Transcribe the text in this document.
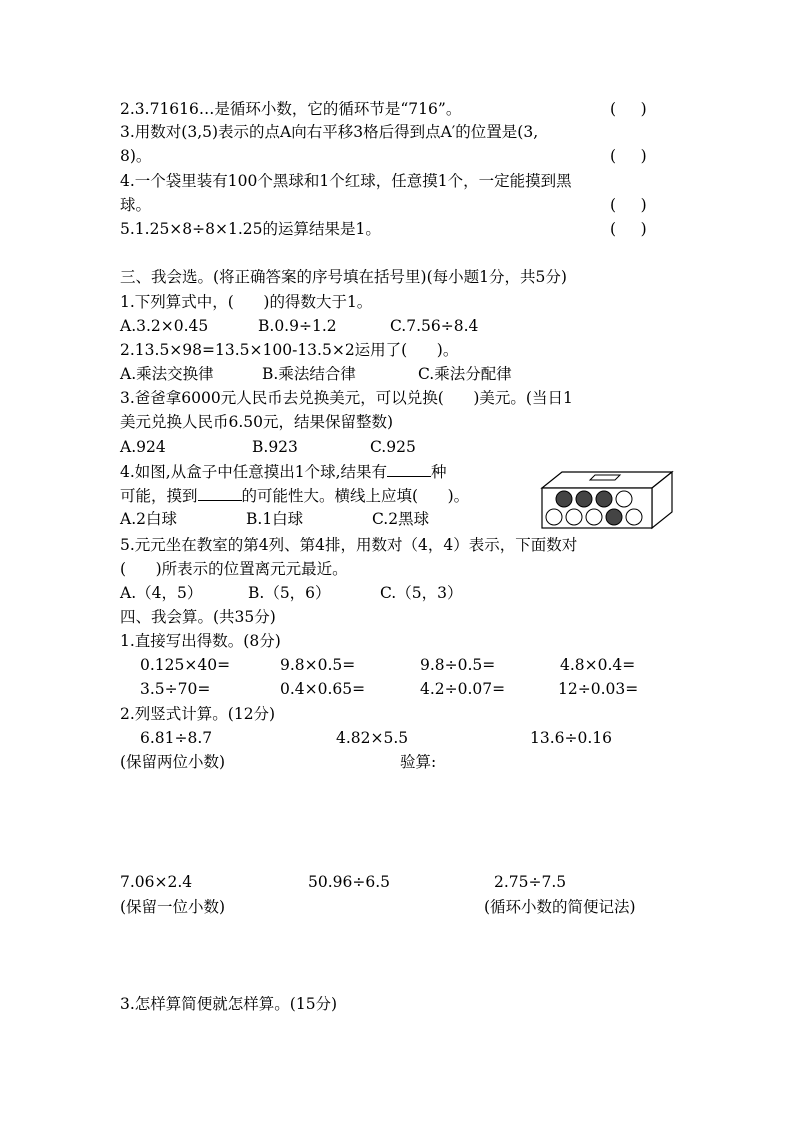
2.3.71616…是循环小数，它的循环节是“716”。	(     )
3.用数对(3,5)表示的点A向右平移3格后得到点A′的位置是(3,
8)。	(     )
4.一个袋里装有100个黑球和1个红球，任意摸1个，一定能摸到黑
球。	(     )
5.1.25×8÷8×1.25的运算结果是1。	(     )
三、我会选。(将正确答案的序号填在括号里)(每小题1分，共5分)
1.下列算式中，(      )的得数大于1。
A.3.2×0.45	B.0.9÷1.2	C.7.56÷8.4
2.13.5×98=13.5×100-13.5×2运用了(      )。
A.乘法交换律	B.乘法结合律	C.乘法分配律
3.爸爸拿6000元人民币去兑换美元，可以兑换(      )美元。(当日1
美元兑换人民币6.50元，结果保留整数)
A.924	B.923	C.925
4.如图,从盒子中任意摸出1个球,结果有	种
可能，摸到	的可能性大。横线上应填(      )。
A.2白球	B.1白球	C.2黑球
5.元元坐在教室的第4列、第4排，用数对（4，4）表示，下面数对
(      )所表示的位置离元元最近。
A.（4，5）	B.（5，6）	C.（5，3）
四、我会算。(共35分)
1.直接写出得数。(8分)
0.125×40=	9.8×0.5=	9.8÷0.5=	4.8×0.4=
3.5÷70=	0.4×0.65=	4.2÷0.07=	12÷0.03=
2.列竖式计算。(12分)
6.81÷8.7	4.82×5.5	13.6÷0.16
(保留两位小数)	验算:
7.06×2.4	50.96÷6.5	2.75÷7.5
(保留一位小数)	(循环小数的简便记法)
3.怎样算简便就怎样算。(15分)
